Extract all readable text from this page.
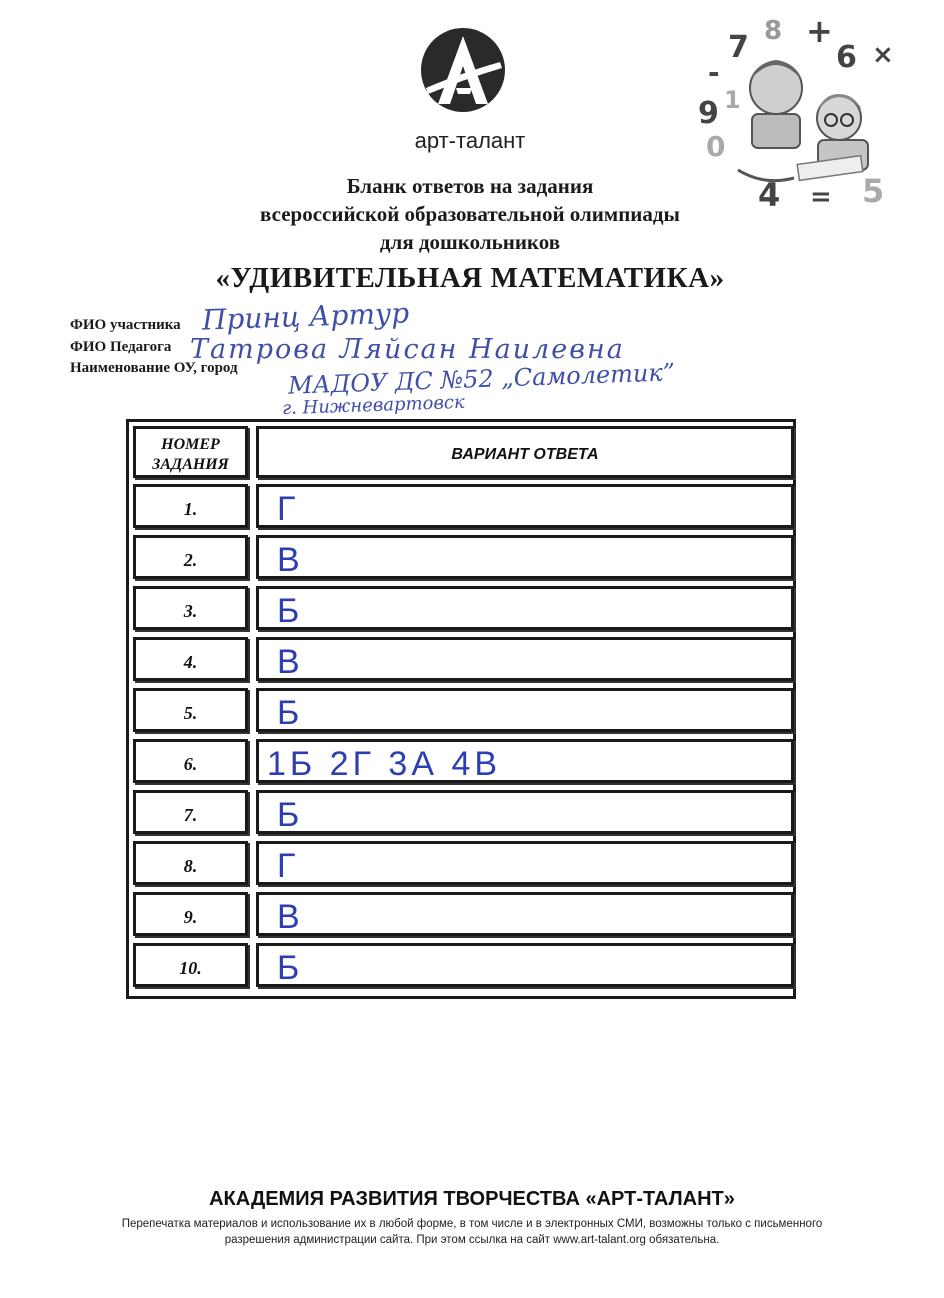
арт-талант
7 8 +
6 ×
-
9 1
0
4 = 5
Бланк ответов на задания
всероссийской образовательной олимпиады
для дошкольников
«УДИВИТЕЛЬНАЯ МАТЕМАТИКА»
ФИО участника Принц Артур
ФИО Педагога Татрова Ляйсан Наилевна
Наименование ОУ, город МАДОУ ДС №52 „Самолетик”
г. Нижневартовск
НОМЕР ЗАДАНИЯ
ВАРИАНТ ОТВЕТА
1.	Г
2.	В
3.	Б
4.	В
5.	Б
6.	1Б 2Г 3А 4В
7.	Б
8.	Г
9.	В
10.	Б
АКАДЕМИЯ РАЗВИТИЯ ТВОРЧЕСТВА «АРТ-ТАЛАНТ»
Перепечатка материалов и использование их в любой форме, в том числе и в электронных СМИ, возможны только с письменного разрешения администрации сайта. При этом ссылка на сайт www.art-talant.org обязательна.
